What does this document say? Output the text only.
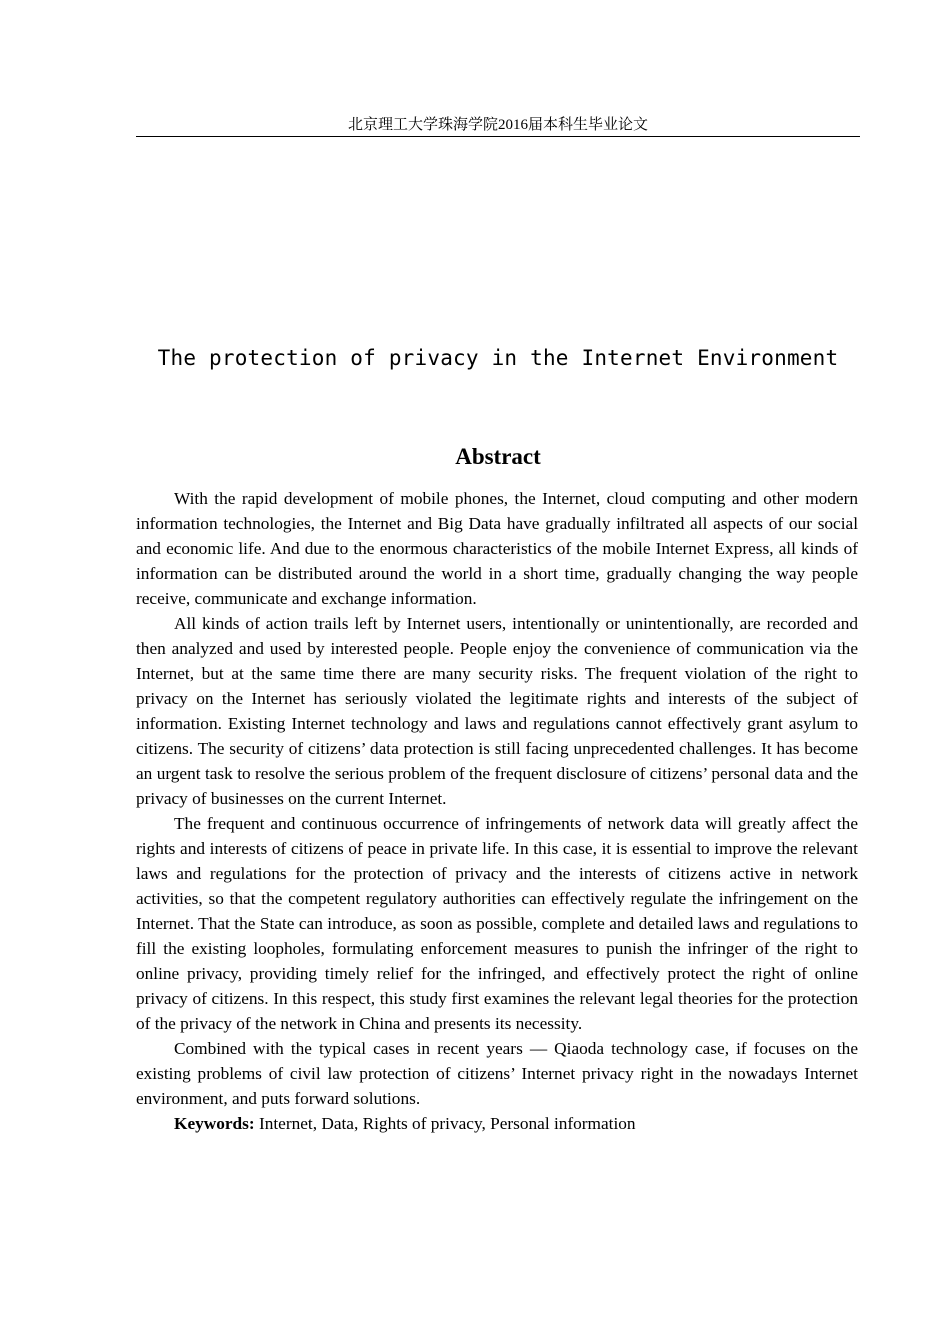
北京理工大学珠海学院2016届本科生毕业论文
The protection of privacy in the Internet Environment
Abstract

With the rapid development of mobile phones, the Internet, cloud computing and other modern information technologies, the Internet and Big Data have gradually infiltrated all aspects of our social and economic life. And due to the enormous characteristics of the mobile Internet Express, all kinds of information can be distributed around the world in a short time, gradually changing the way people receive, communicate and exchange information.

All kinds of action trails left by Internet users, intentionally or unintentionally, are recorded and then analyzed and used by interested people. People enjoy the convenience of communication via the Internet, but at the same time there are many security risks. The frequent violation of the right to privacy on the Internet has seriously violated the legitimate rights and interests of the subject of information. Existing Internet technology and laws and regulations cannot effectively grant asylum to citizens. The security of citizens’ data protection is still facing unprecedented challenges. It has become an urgent task to resolve the serious problem of the frequent disclosure of citizens’ personal data and the privacy of businesses on the current Internet.

The frequent and continuous occurrence of infringements of network data will greatly affect the rights and interests of citizens of peace in private life. In this case, it is essential to improve the relevant laws and regulations for the protection of privacy and the interests of citizens active in network activities, so that the competent regulatory authorities can effectively regulate the infringement on the Internet. That the State can introduce, as soon as possible, complete and detailed laws and regulations to fill the existing loopholes, formulating enforcement measures to punish the infringer of the right to online privacy, providing timely relief for the infringed, and effectively protect the right of online privacy of citizens. In this respect, this study first examines the relevant legal theories for the protection of the privacy of the network in China and presents its necessity.

Combined with the typical cases in recent years — Qiaoda technology case, if focuses on the existing problems of civil law protection of citizens’ Internet privacy right in the nowadays Internet environment, and puts forward solutions.

Keywords: Internet, Data, Rights of privacy, Personal information
